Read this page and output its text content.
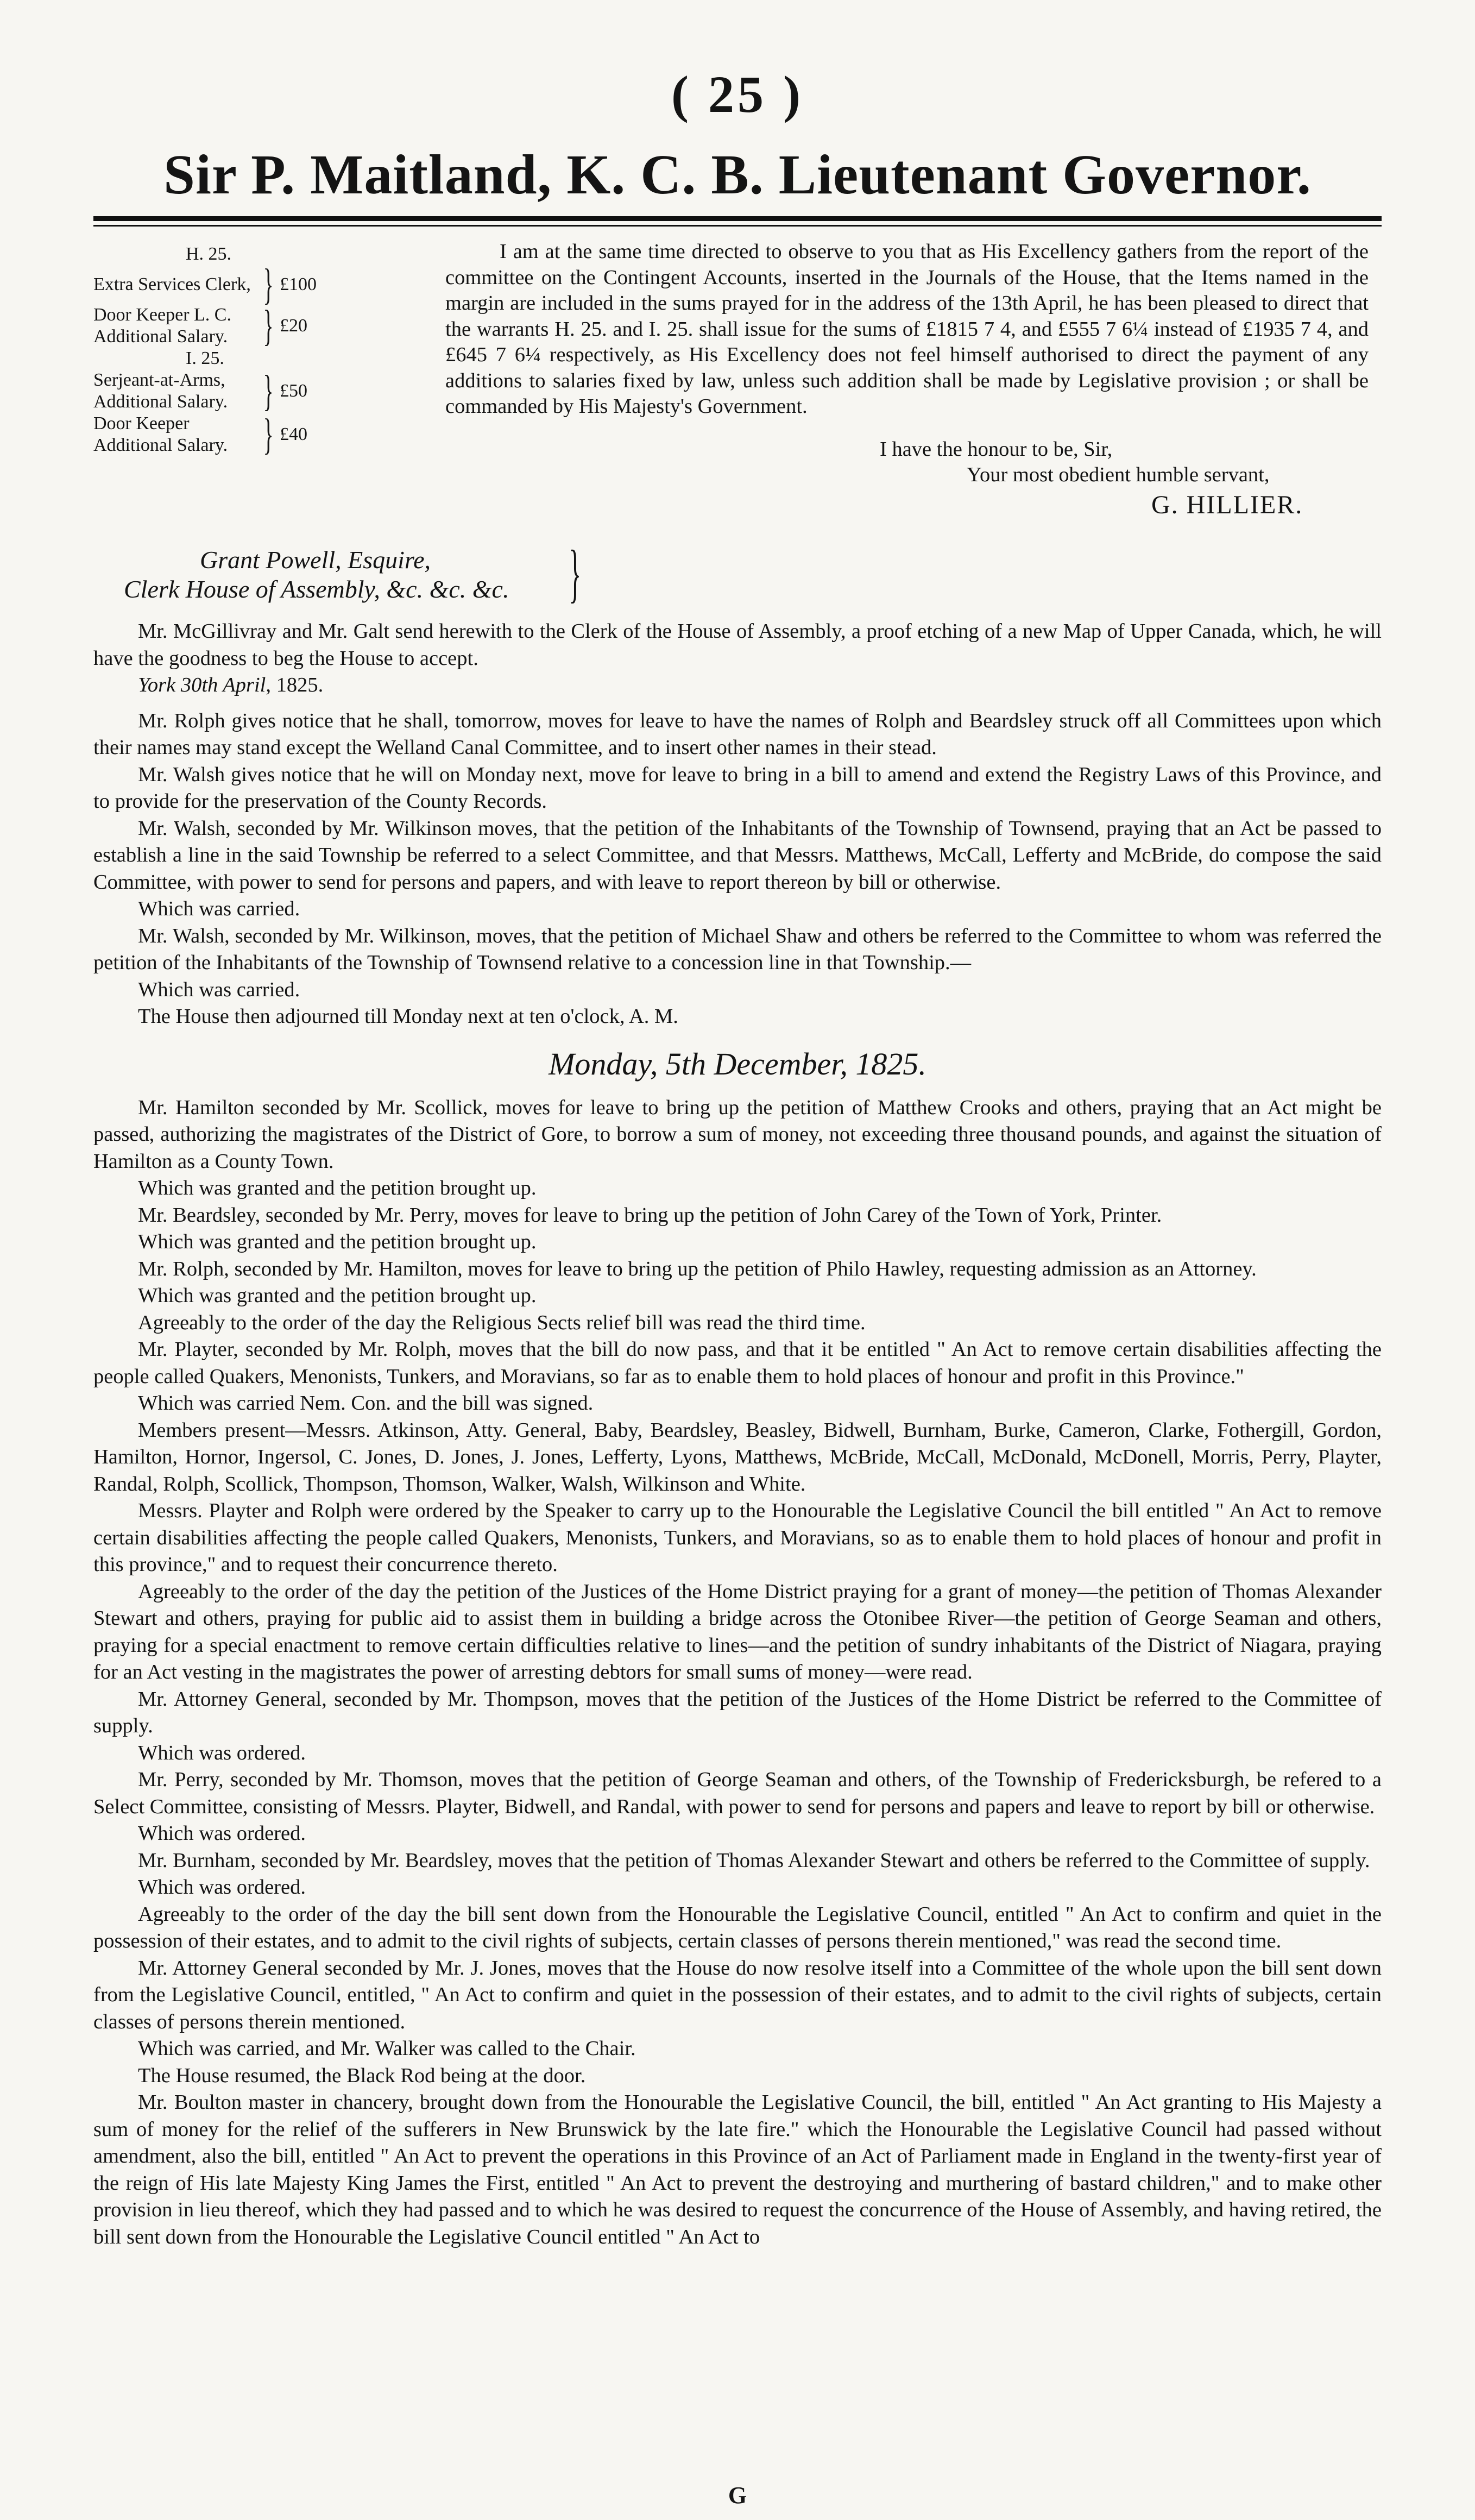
( 25 )
Sir P. Maitland, K. C. B. Lieutenant Governor.
H. 25.
Extra Services Clerk, } £100
Door Keeper L. C. Additional Salary. } £20
I. 25.
Serjeant-at-Arms, Additional Salary. } £50
Door Keeper Additional Salary. } £40

I am at the same time directed to observe to you that as His Excellency gathers from the report of the committee on the Contingent Accounts, inserted in the Journals of the House, that the Items named in the margin are included in the sums prayed for in the address of the 13th April, he has been pleased to direct that the warrants H. 25. and I. 25. shall issue for the sums of £1815 7 4, and £555 7 6¼ instead of £1935 7 4, and £645 7 6¼ respectively, as His Excellency does not feel himself authorised to direct the payment of any additions to salaries fixed by law, unless such addition shall be made by Legislative provision ; or shall be commanded by His Majesty's Government.

I have the honour to be, Sir,
Your most obedient humble servant,
G. HILLIER.
Grant Powell, Esquire,
Clerk House of Assembly, &c. &c. &c. }

Mr. McGillivray and Mr. Galt send herewith to the Clerk of the House of Assembly, a proof etching of a new Map of Upper Canada, which, he will have the goodness to beg the House to accept.

York 30th April, 1825.

Mr. Rolph gives notice that he shall, tomorrow, moves for leave to have the names of Rolph and Beardsley struck off all Committees upon which their names may stand except the Welland Canal Committee, and to insert other names in their stead.

Mr. Walsh gives notice that he will on Monday next, move for leave to bring in a bill to amend and extend the Registry Laws of this Province, and to provide for the preservation of the County Records.

Mr. Walsh, seconded by Mr. Wilkinson moves, that the petition of the Inhabitants of the Township of Townsend, praying that an Act be passed to establish a line in the said Township be referred to a select Committee, and that Messrs. Matthews, McCall, Lefferty and McBride, do compose the said Committee, with power to send for persons and papers, and with leave to report thereon by bill or otherwise.

Which was carried.

Mr. Walsh, seconded by Mr. Wilkinson, moves, that the petition of Michael Shaw and others be referred to the Committee to whom was referred the petition of the Inhabitants of the Township of Townsend relative to a concession line in that Township.—

Which was carried.

The House then adjourned till Monday next at ten o'clock, A. M.

Monday, 5th December, 1825.

Mr. Hamilton seconded by Mr. Scollick, moves for leave to bring up the petition of Matthew Crooks and others, praying that an Act might be passed, authorizing the magistrates of the District of Gore, to borrow a sum of money, not exceeding three thousand pounds, and against the situation of Hamilton as a County Town.

Which was granted and the petition brought up.

Mr. Beardsley, seconded by Mr. Perry, moves for leave to bring up the petition of John Carey of the Town of York, Printer.

Which was granted and the petition brought up.

Mr. Rolph, seconded by Mr. Hamilton, moves for leave to bring up the petition of Philo Hawley, requesting admission as an Attorney.

Which was granted and the petition brought up.

Agreeably to the order of the day the Religious Sects relief bill was read the third time.

Mr. Playter, seconded by Mr. Rolph, moves that the bill do now pass, and that it be entitled " An Act to remove certain disabilities affecting the people called Quakers, Menonists, Tunkers, and Moravians, so far as to enable them to hold places of honour and profit in this Province."

Which was carried Nem. Con. and the bill was signed.

Members present—Messrs. Atkinson, Atty. General, Baby, Beardsley, Beasley, Bidwell, Burnham, Burke, Cameron, Clarke, Fothergill, Gordon, Hamilton, Hornor, Ingersol, C. Jones, D. Jones, J. Jones, Lefferty, Lyons, Matthews, McBride, McCall, McDonald, McDonell, Morris, Perry, Playter, Randal, Rolph, Scollick, Thompson, Thomson, Walker, Walsh, Wilkinson and White.

Messrs. Playter and Rolph were ordered by the Speaker to carry up to the Honourable the Legislative Council the bill entitled " An Act to remove certain disabilities affecting the people called Quakers, Menonists, Tunkers, and Moravians, so as to enable them to hold places of honour and profit in this province," and to request their concurrence thereto.

Agreeably to the order of the day the petition of the Justices of the Home District praying for a grant of money—the petition of Thomas Alexander Stewart and others, praying for public aid to assist them in building a bridge across the Otonibee River—the petition of George Seaman and others, praying for a special enactment to remove certain difficulties relative to lines—and the petition of sundry inhabitants of the District of Niagara, praying for an Act vesting in the magistrates the power of arresting debtors for small sums of money—were read.

Mr. Attorney General, seconded by Mr. Thompson, moves that the petition of the Justices of the Home District be referred to the Committee of supply.

Which was ordered.

Mr. Perry, seconded by Mr. Thomson, moves that the petition of George Seaman and others, of the Township of Fredericksburgh, be refered to a Select Committee, consisting of Messrs. Playter, Bidwell, and Randal, with power to send for persons and papers and leave to report by bill or otherwise.

Which was ordered.

Mr. Burnham, seconded by Mr. Beardsley, moves that the petition of Thomas Alexander Stewart and others be referred to the Committee of supply.

Which was ordered.

Agreeably to the order of the day the bill sent down from the Honourable the Legislative Council, entitled " An Act to confirm and quiet in the possession of their estates, and to admit to the civil rights of subjects, certain classes of persons therein mentioned," was read the second time.

Mr. Attorney General seconded by Mr. J. Jones, moves that the House do now resolve itself into a Committee of the whole upon the bill sent down from the Legislative Council, entitled, " An Act to confirm and quiet in the possession of their estates, and to admit to the civil rights of subjects, certain classes of persons therein mentioned.

Which was carried, and Mr. Walker was called to the Chair.

The House resumed, the Black Rod being at the door.

Mr. Boulton master in chancery, brought down from the Honourable the Legislative Council, the bill, entitled " An Act granting to His Majesty a sum of money for the relief of the sufferers in New Brunswick by the late fire." which the Honourable the Legislative Council had passed without amendment, also the bill, entitled " An Act to prevent the operations in this Province of an Act of Parliament made in England in the twenty-first year of the reign of His late Majesty King James the First, entitled " An Act to prevent the destroying and murthering of bastard children," and to make other provision in lieu thereof, which they had passed and to which he was desired to request the concurrence of the House of Assembly, and having retired, the bill sent down from the Honourable the Legislative Council entitled " An Act to

G
